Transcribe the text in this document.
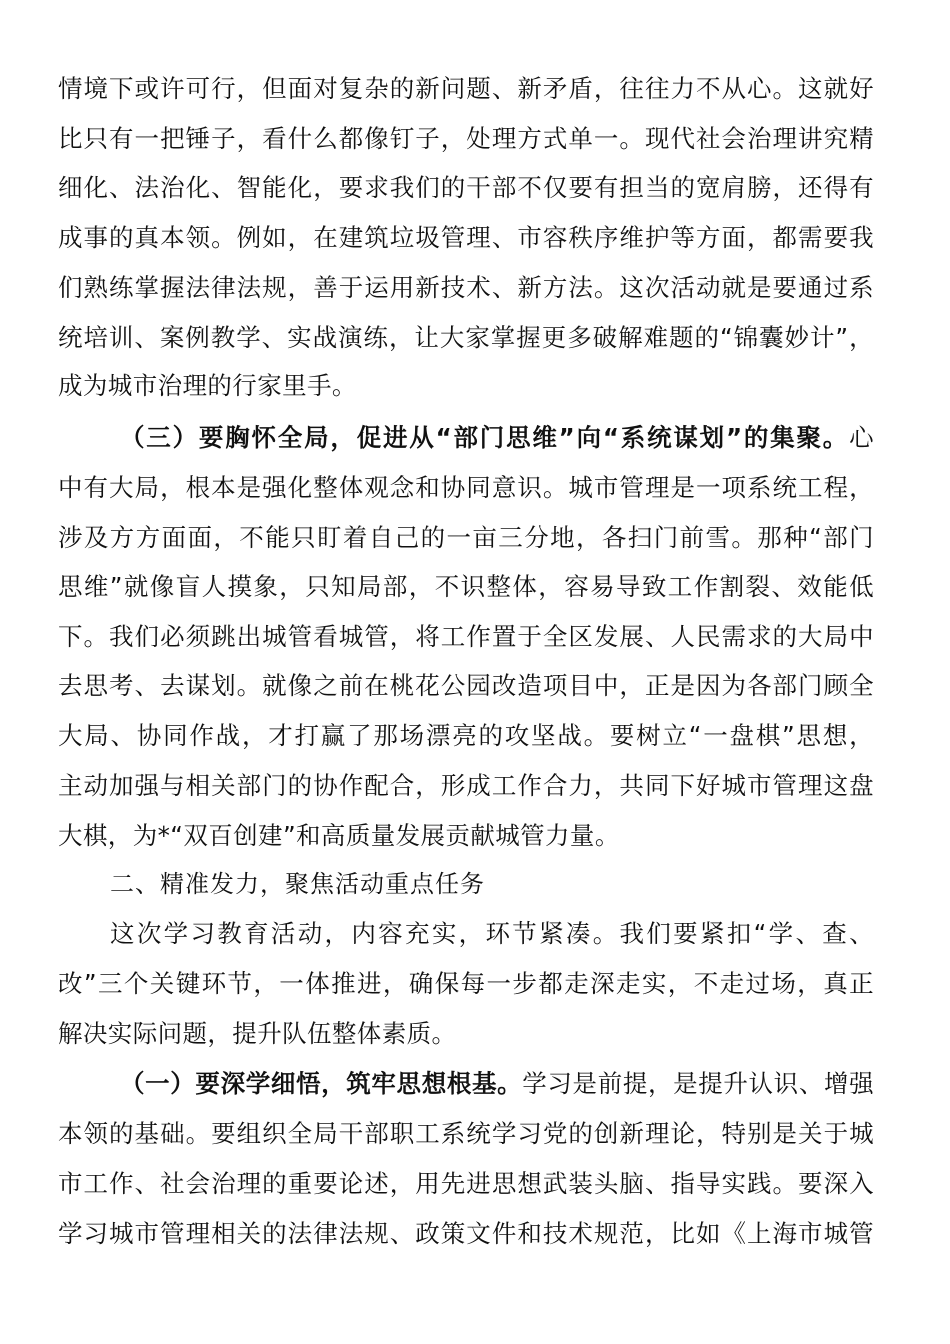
情境下或许可行，但面对复杂的新问题、新矛盾，往往力不从心。这就好
比只有一把锤子，看什么都像钉子，处理方式单一。现代社会治理讲究精
细化、法治化、智能化，要求我们的干部不仅要有担当的宽肩膀，还得有
成事的真本领。例如，在建筑垃圾管理、市容秩序维护等方面，都需要我
们熟练掌握法律法规，善于运用新技术、新方法。这次活动就是要通过系
统培训、案例教学、实战演练，让大家掌握更多破解难题的“锦囊妙计”，
成为城市治理的行家里手。
（三）要胸怀全局，促进从“部门思维”向“系统谋划”的集聚。心
中有大局，根本是强化整体观念和协同意识。城市管理是一项系统工程，
涉及方方面面，不能只盯着自己的一亩三分地，各扫门前雪。那种“部门
思维”就像盲人摸象，只知局部，不识整体，容易导致工作割裂、效能低
下。我们必须跳出城管看城管，将工作置于全区发展、人民需求的大局中
去思考、去谋划。就像之前在桃花公园改造项目中，正是因为各部门顾全
大局、协同作战，才打赢了那场漂亮的攻坚战。要树立“一盘棋”思想，
主动加强与相关部门的协作配合，形成工作合力，共同下好城市管理这盘
大棋，为*“双百创建”和高质量发展贡献城管力量。
二、精准发力，聚焦活动重点任务
这次学习教育活动，内容充实，环节紧凑。我们要紧扣“学、查、
改”三个关键环节，一体推进，确保每一步都走深走实，不走过场，真正
解决实际问题，提升队伍整体素质。
（一）要深学细悟，筑牢思想根基。学习是前提，是提升认识、增强
本领的基础。要组织全局干部职工系统学习党的创新理论，特别是关于城
市工作、社会治理的重要论述，用先进思想武装头脑、指导实践。要深入
学习城市管理相关的法律法规、政策文件和技术规范，比如《上海市城管
